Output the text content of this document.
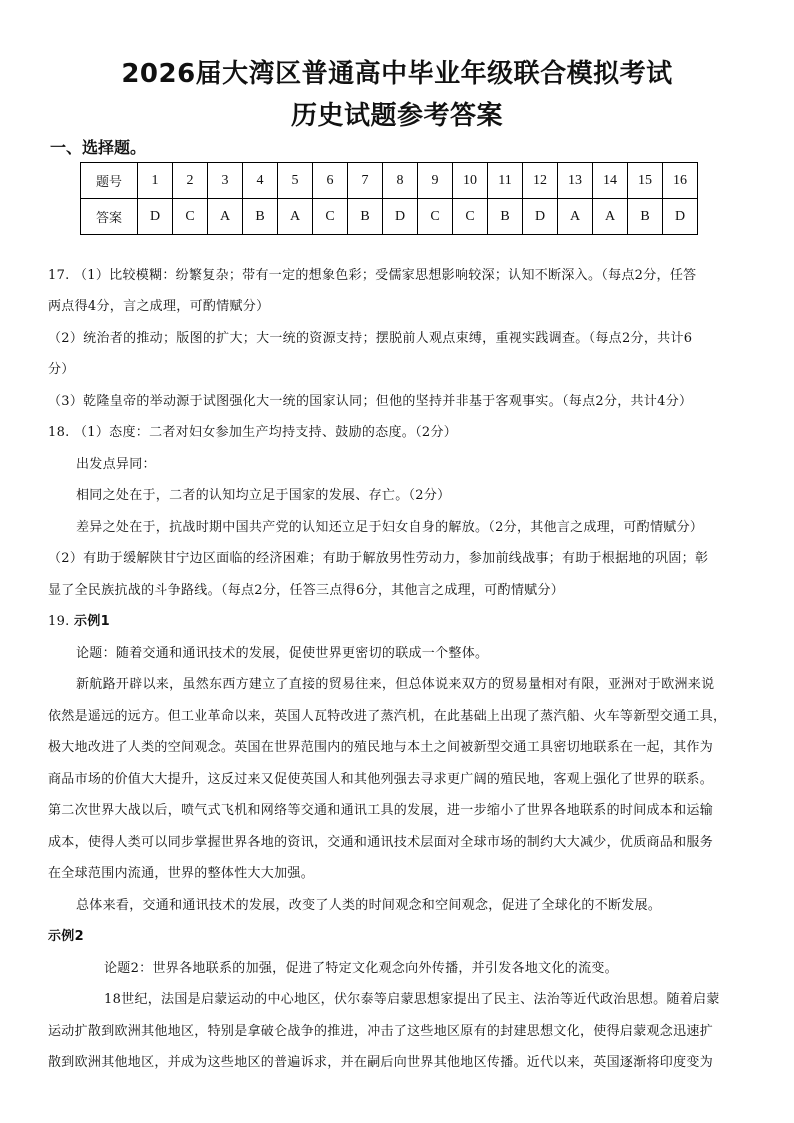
2026届大湾区普通高中毕业年级联合模拟考试
历史试题参考答案
一、选择题。
题号	1	2	3	4	5	6	7	8	9	10	11	12	13	14	15	16
答案	D	C	A	B	A	C	B	D	C	C	B	D	A	A	B	D
17. （1）比较模糊：纷繁复杂；带有一定的想象色彩；受儒家思想影响较深；认知不断深入。（每点2分，任答
两点得4分，言之成理，可酌情赋分）
（2）统治者的推动；版图的扩大；大一统的资源支持；摆脱前人观点束缚，重视实践调查。（每点2分，共计6
分）
（3）乾隆皇帝的举动源于试图强化大一统的国家认同；但他的坚持并非基于客观事实。（每点2分，共计4分）
18. （1）态度：二者对妇女参加生产均持支持、鼓励的态度。（2分）
出发点异同：
相同之处在于，二者的认知均立足于国家的发展、存亡。（2分）
差异之处在于，抗战时期中国共产党的认知还立足于妇女自身的解放。（2分，其他言之成理，可酌情赋分）
（2）有助于缓解陕甘宁边区面临的经济困难；有助于解放男性劳动力，参加前线战事；有助于根据地的巩固；彰
显了全民族抗战的斗争路线。（每点2分，任答三点得6分，其他言之成理，可酌情赋分）
19. 示例1
论题：随着交通和通讯技术的发展，促使世界更密切的联成一个整体。
新航路开辟以来，虽然东西方建立了直接的贸易往来，但总体说来双方的贸易量相对有限，亚洲对于欧洲来说
依然是遥远的远方。但工业革命以来，英国人瓦特改进了蒸汽机，在此基础上出现了蒸汽船、火车等新型交通工具，
极大地改进了人类的空间观念。英国在世界范围内的殖民地与本土之间被新型交通工具密切地联系在一起，其作为
商品市场的价值大大提升，这反过来又促使英国人和其他列强去寻求更广阔的殖民地，客观上强化了世界的联系。
第二次世界大战以后，喷气式飞机和网络等交通和通讯工具的发展，进一步缩小了世界各地联系的时间成本和运输
成本，使得人类可以同步掌握世界各地的资讯，交通和通讯技术层面对全球市场的制约大大减少，优质商品和服务
在全球范围内流通，世界的整体性大大加强。
总体来看，交通和通讯技术的发展，改变了人类的时间观念和空间观念，促进了全球化的不断发展。
示例2
论题2：世界各地联系的加强，促进了特定文化观念向外传播，并引发各地文化的流变。
18世纪，法国是启蒙运动的中心地区，伏尔泰等启蒙思想家提出了民主、法治等近代政治思想。随着启蒙
运动扩散到欧洲其他地区，特别是拿破仑战争的推进，冲击了这些地区原有的封建思想文化，使得启蒙观念迅速扩
散到欧洲其他地区，并成为这些地区的普遍诉求，并在嗣后向世界其他地区传播。近代以来，英国逐渐将印度变为
